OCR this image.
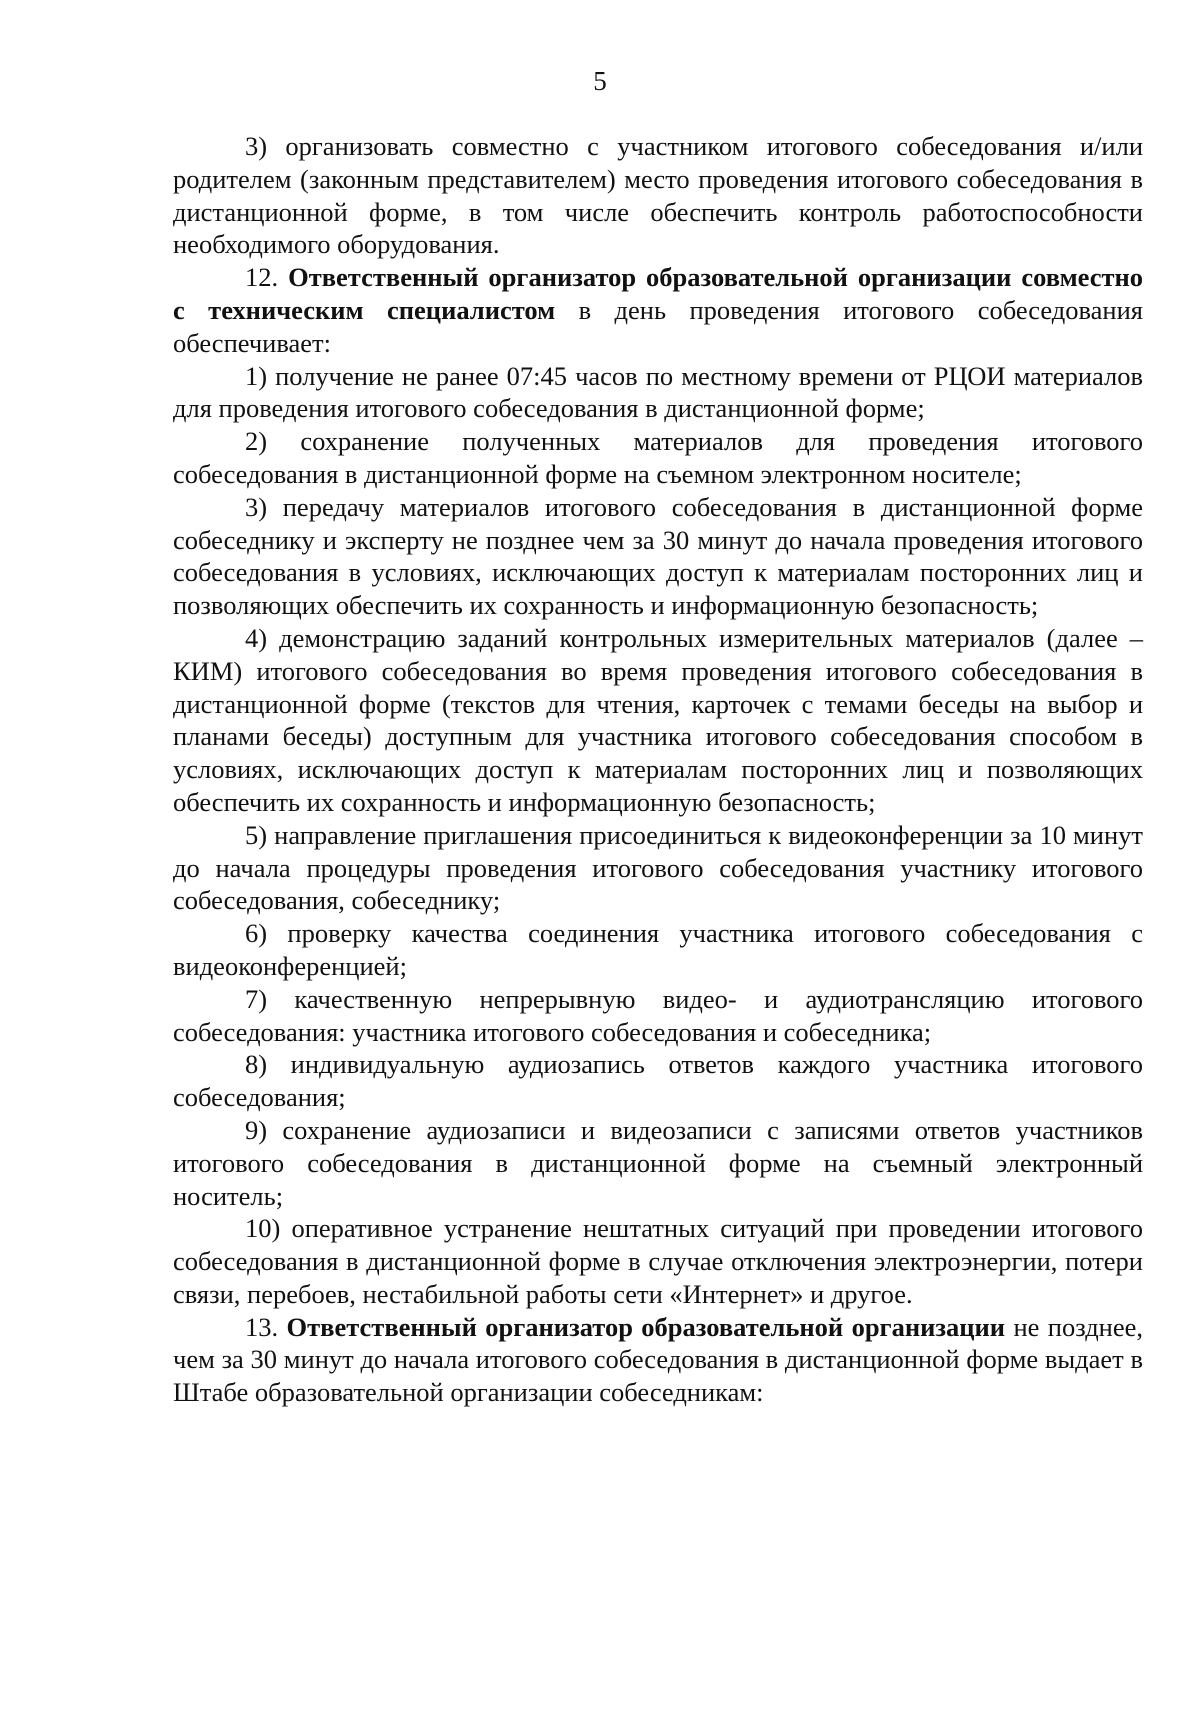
5

3) организовать совместно с участником итогового собеседования и/или родителем (законным представителем) место проведения итогового собеседования в дистанционной форме, в том числе обеспечить контроль работоспособности необходимого оборудования.

12. Ответственный организатор образовательной организации совместно с техническим специалистом в день проведения итогового собеседования обеспечивает:

1) получение не ранее 07:45 часов по местному времени от РЦОИ материалов для проведения итогового собеседования в дистанционной форме;

2) сохранение полученных материалов для проведения итогового собеседования в дистанционной форме на съемном электронном носителе;

3) передачу материалов итогового собеседования в дистанционной форме собеседнику и эксперту не позднее чем за 30 минут до начала проведения итогового собеседования в условиях, исключающих доступ к материалам посторонних лиц и позволяющих обеспечить их сохранность и информационную безопасность;

4) демонстрацию заданий контрольных измерительных материалов (далее – КИМ) итогового собеседования во время проведения итогового собеседования в дистанционной форме (текстов для чтения, карточек с темами беседы на выбор и планами беседы) доступным для участника итогового собеседования способом в условиях, исключающих доступ к материалам посторонних лиц и позволяющих обеспечить их сохранность и информационную безопасность;

5) направление приглашения присоединиться к видеоконференции за 10 минут до начала процедуры проведения итогового собеседования участнику итогового собеседования, собеседнику;

6) проверку качества соединения участника итогового собеседования с видеоконференцией;

7) качественную непрерывную видео- и аудиотрансляцию итогового собеседования: участника итогового собеседования и собеседника;

8) индивидуальную аудиозапись ответов каждого участника итогового собеседования;

9) сохранение аудиозаписи и видеозаписи с записями ответов участников итогового собеседования в дистанционной форме на съемный электронный носитель;

10) оперативное устранение нештатных ситуаций при проведении итогового собеседования в дистанционной форме в случае отключения электроэнергии, потери связи, перебоев, нестабильной работы сети «Интернет» и другое.

13. Ответственный организатор образовательной организации не позднее, чем за 30 минут до начала итогового собеседования в дистанционной форме выдает в Штабе образовательной организации собеседникам:
